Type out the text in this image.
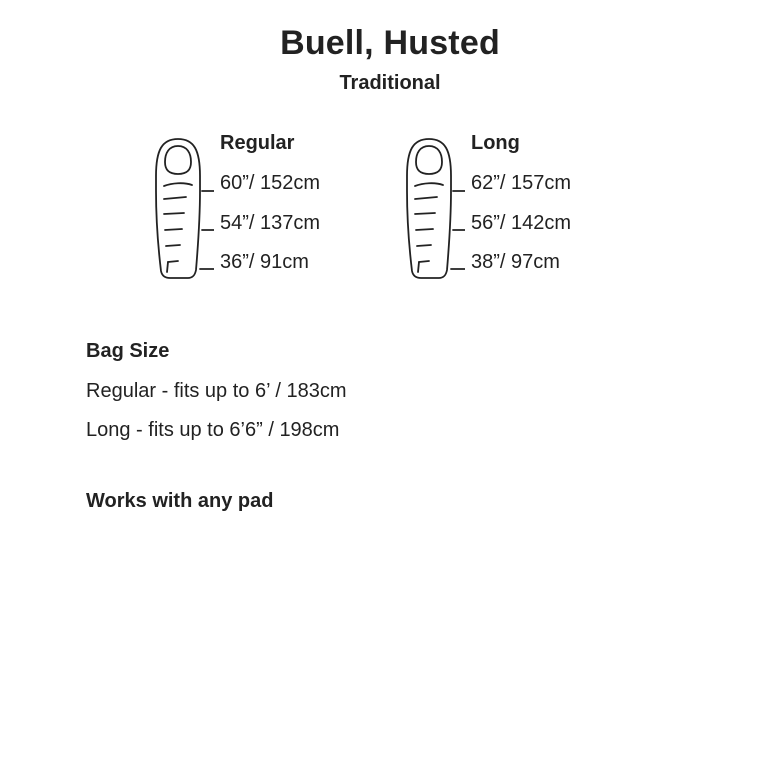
Buell, Husted
Traditional
Regular
60”/ 152cm
54”/ 137cm
36”/ 91cm
Long
62”/ 157cm
56”/ 142cm
38”/ 97cm
Bag Size
Regular - fits up to 6’ / 183cm
Long - fits up to 6’6” / 198cm
Works with any pad
